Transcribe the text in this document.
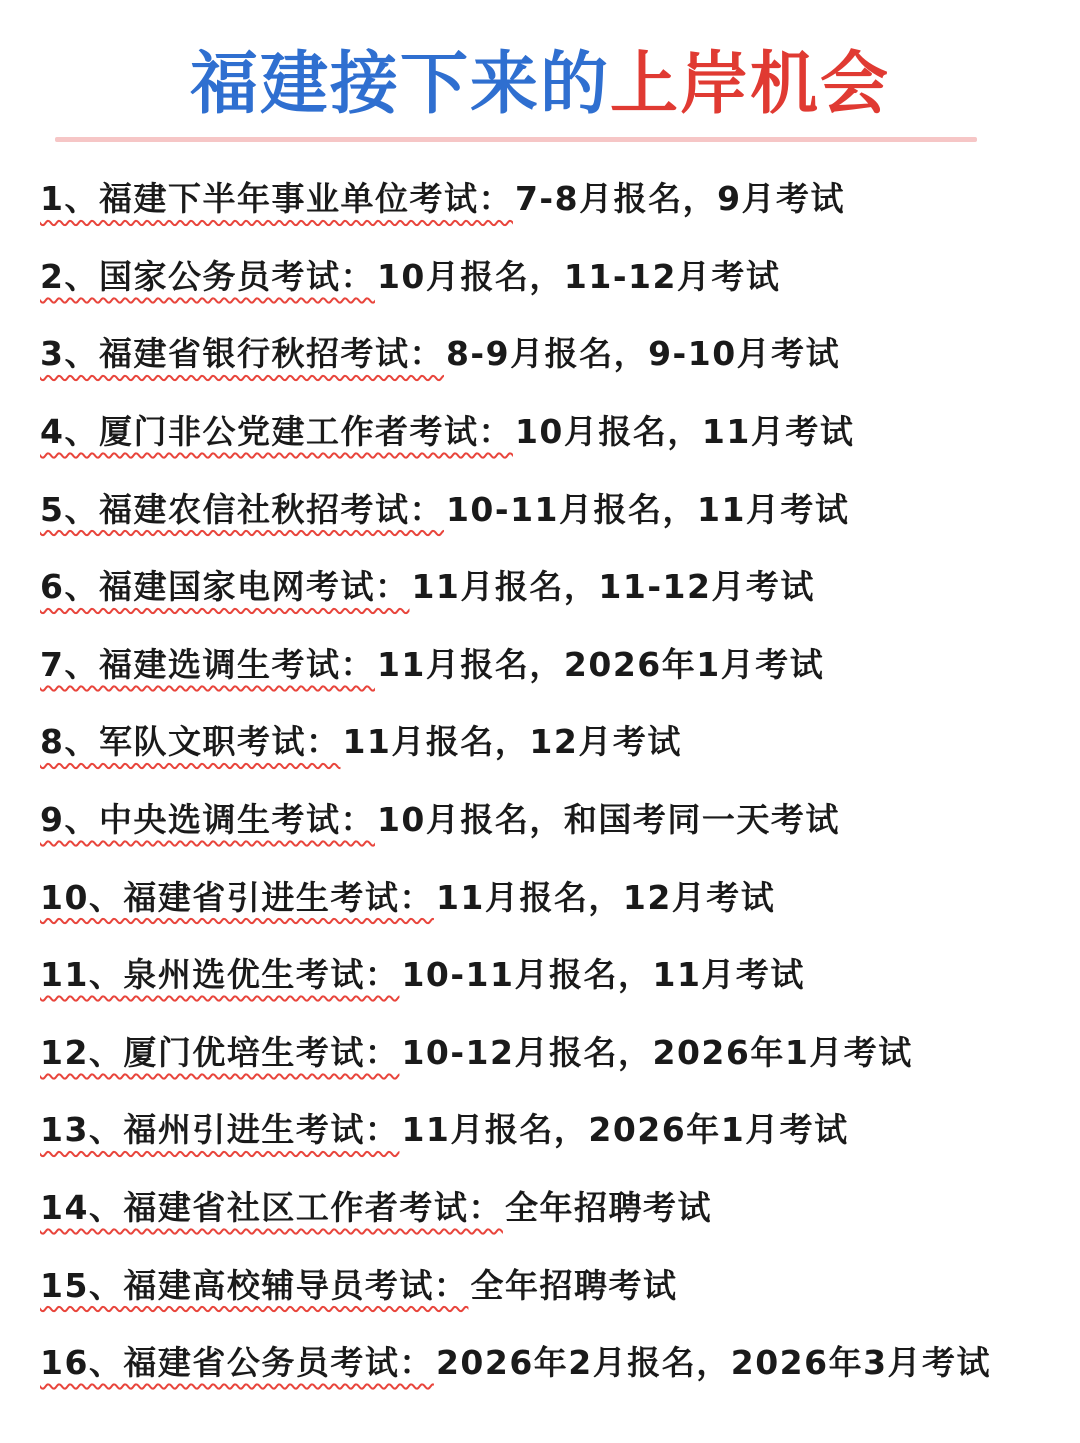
福建接下来的上岸机会
1、福建下半年事业单位考试： 7-8月报名，9月考试
2、国家公务员考试： 10月报名，11-12月考试
3、福建省银行秋招考试： 8-9月报名，9-10月考试
4、厦门非公党建工作者考试： 10月报名，11月考试
5、福建农信社秋招考试： 10-11月报名，11月考试
6、福建国家电网考试： 11月报名，11-12月考试
7、福建选调生考试： 11月报名，2026年1月考试
8、军队文职考试： 11月报名，12月考试
9、中央选调生考试： 10月报名，和国考同一天考试
10、福建省引进生考试： 11月报名，12月考试
11、泉州选优生考试： 10-11月报名，11月考试
12、厦门优培生考试： 10-12月报名，2026年1月考试
13、福州引进生考试： 11月报名，2026年1月考试
14、福建省社区工作者考试： 全年招聘考试
15、福建高校辅导员考试： 全年招聘考试
16、福建省公务员考试： 2026年2月报名，2026年3月考试
